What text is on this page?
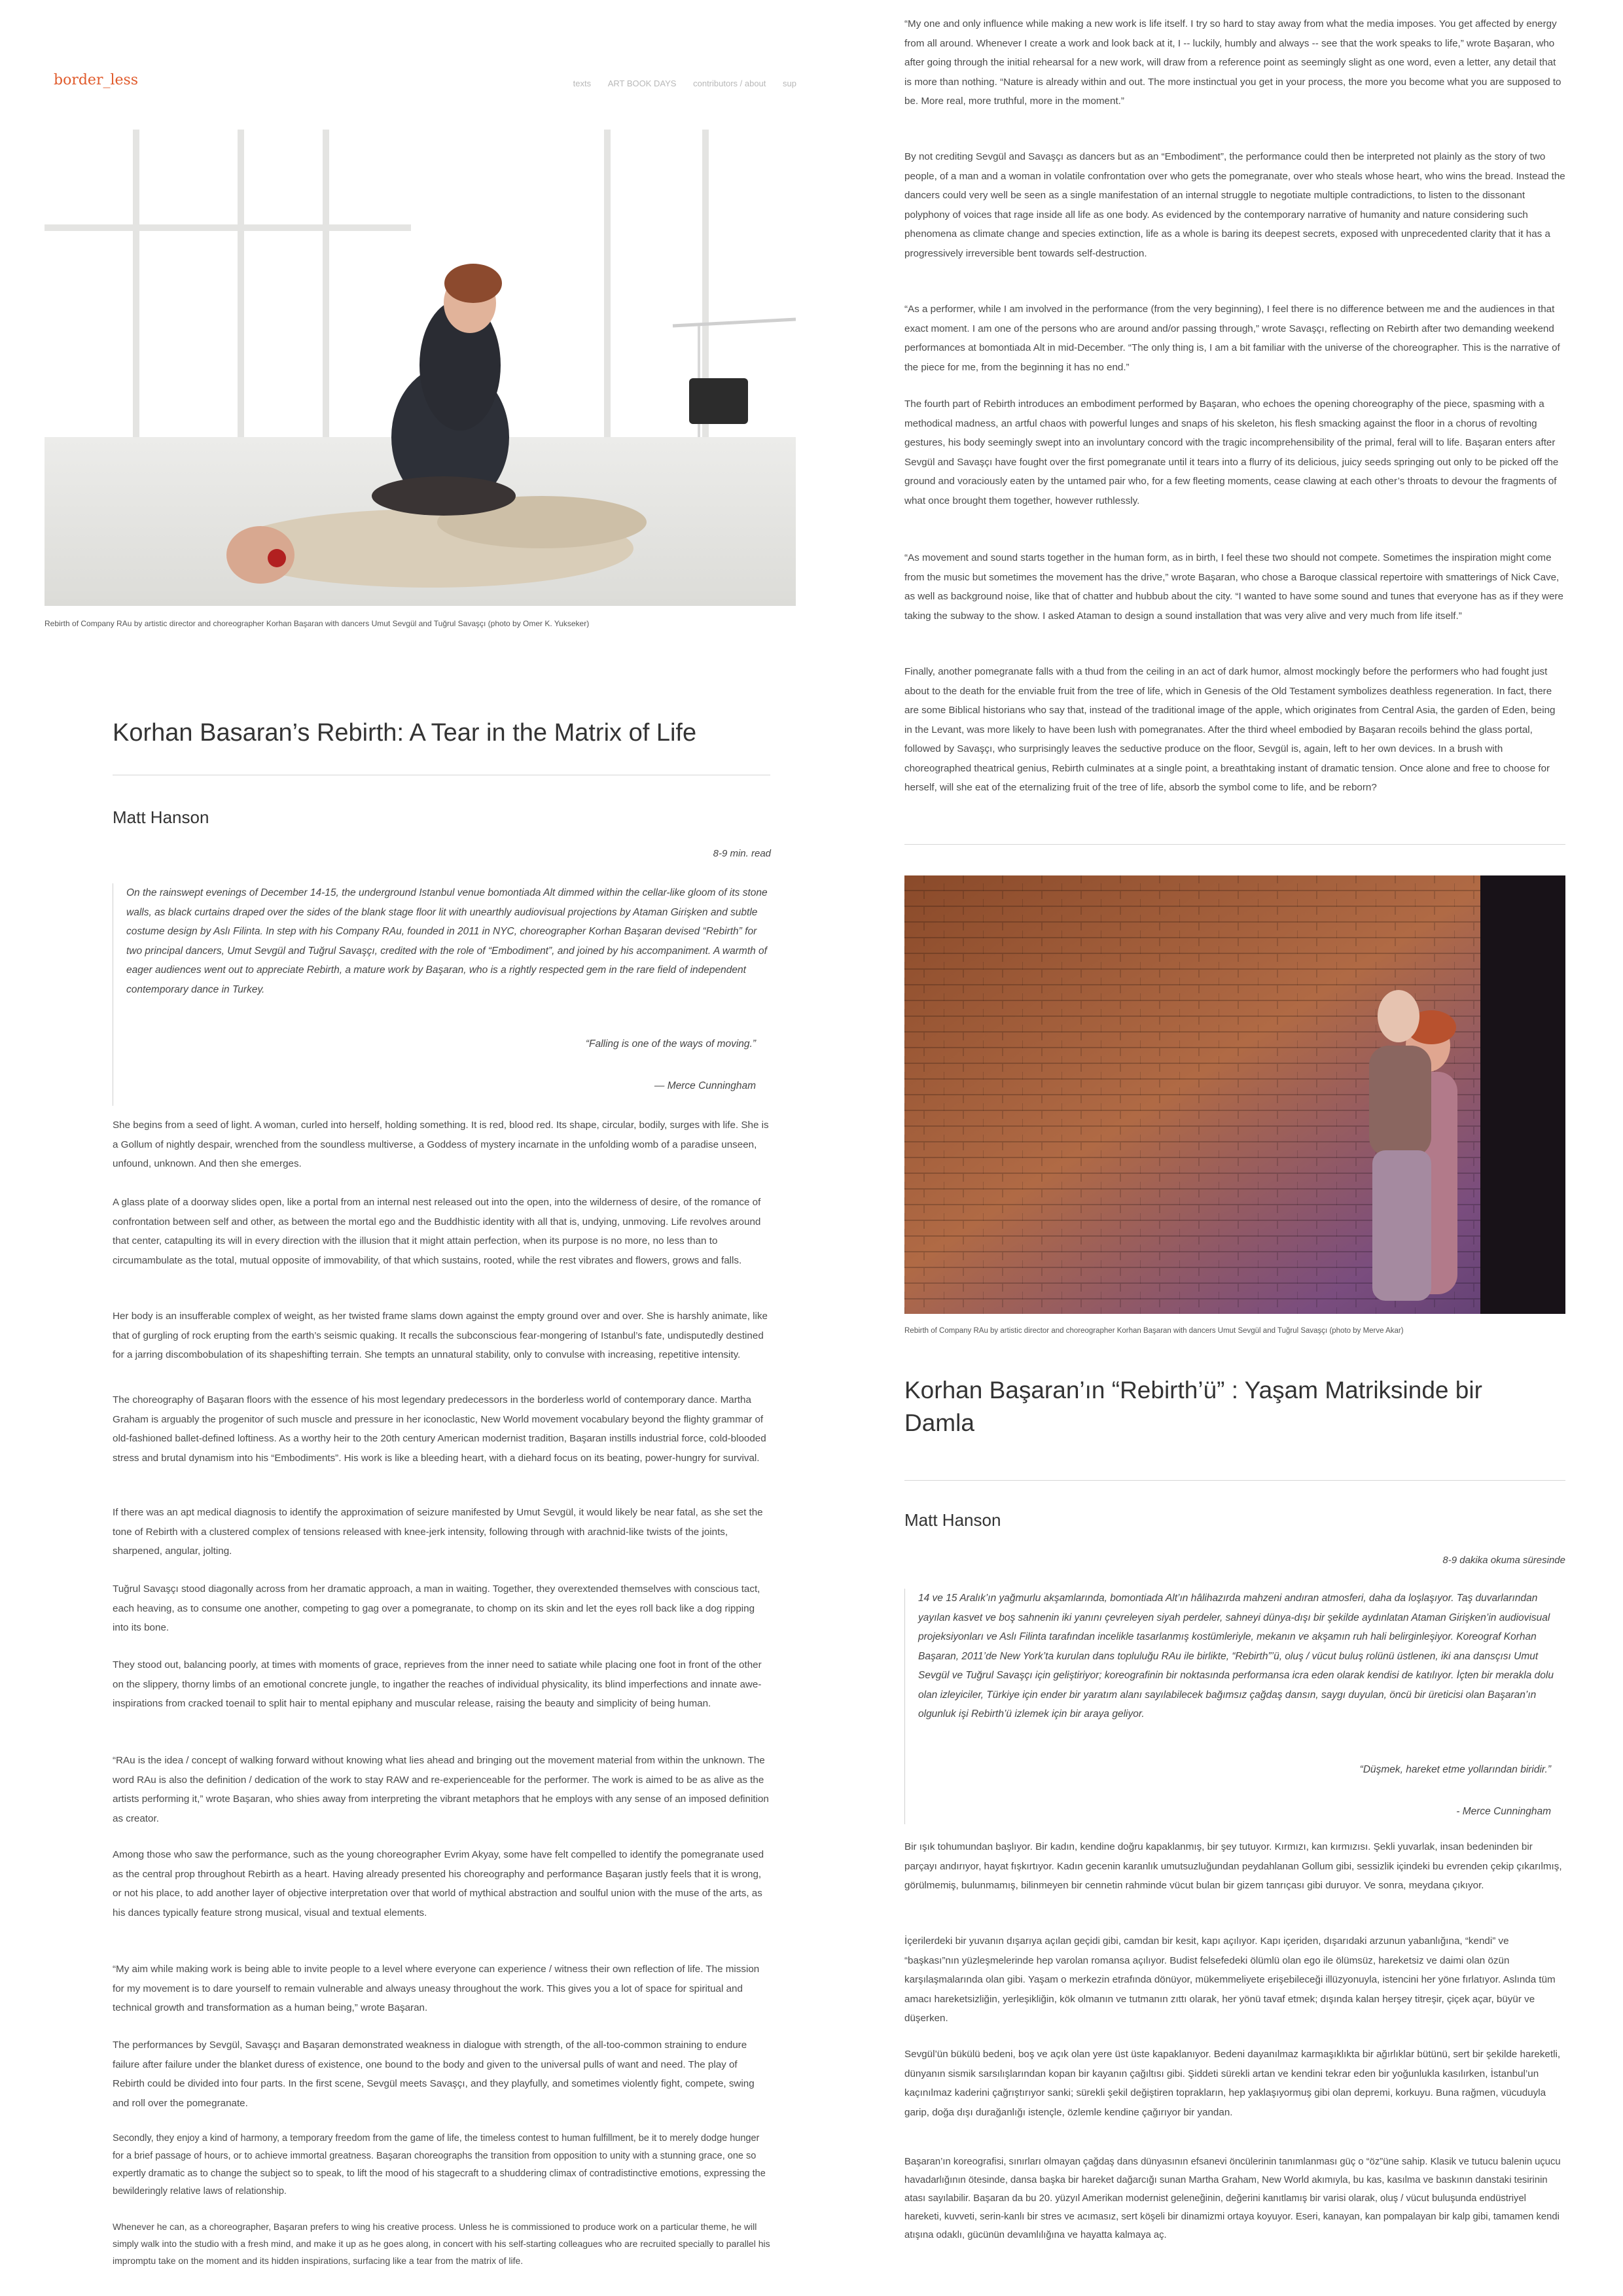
border_less	texts ART BOOK DAYS contributors / about sup
Rebirth of Company RAu by artistic director and choreographer Korhan Başaran with dancers Umut Sevgül and Tuğrul Savaşçı (photo by Omer K. Yukseker)
Korhan Basaran’s Rebirth: A Tear in the Matrix of Life
Matt Hanson
8-9 min. read
On the rainswept evenings of December 14-15, the underground Istanbul venue bomontiada Alt dimmed within the cellar-like gloom of its stone walls, as black curtains draped over the sides of the blank stage floor lit with unearthly audiovisual projections by Ataman Girişken and subtle costume design by Aslı Filinta. In step with his Company RAu, founded in 2011 in NYC, choreographer Korhan Başaran devised “Rebirth” for two principal dancers, Umut Sevgül and Tuğrul Savaşçı, credited with the role of “Embodiment”, and joined by his accompaniment. A warmth of eager audiences went out to appreciate Rebirth, a mature work by Başaran, who is a rightly respected gem in the rare field of independent contemporary dance in Turkey.
“Falling is one of the ways of moving.”
— Merce Cunningham

She begins from a seed of light. A woman, curled into herself, holding something. It is red, blood red. Its shape, circular, bodily, surges with life. She is a Gollum of nightly despair, wrenched from the soundless multiverse, a Goddess of mystery incarnate in the unfolding womb of a paradise unseen, unfound, unknown. And then she emerges.

A glass plate of a doorway slides open, like a portal from an internal nest released out into the open, into the wilderness of desire, of the romance of confrontation between self and other, as between the mortal ego and the Buddhistic identity with all that is, undying, unmoving. Life revolves around that center, catapulting its will in every direction with the illusion that it might attain perfection, when its purpose is no more, no less than to circumambulate as the total, mutual opposite of immovability, of that which sustains, rooted, while the rest vibrates and flowers, grows and falls.

Her body is an insufferable complex of weight, as her twisted frame slams down against the empty ground over and over. She is harshly animate, like that of gurgling of rock erupting from the earth’s seismic quaking. It recalls the subconscious fear-mongering of Istanbul’s fate, undisputedly destined for a jarring discombobulation of its shapeshifting terrain. She tempts an unnatural stability, only to convulse with increasing, repetitive intensity.

The choreography of Başaran floors with the essence of his most legendary predecessors in the borderless world of contemporary dance. Martha Graham is arguably the progenitor of such muscle and pressure in her iconoclastic, New World movement vocabulary beyond the flighty grammar of old-fashioned ballet-defined loftiness. As a worthy heir to the 20th century American modernist tradition, Başaran instills industrial force, cold-blooded stress and brutal dynamism into his “Embodiments”. His work is like a bleeding heart, with a diehard focus on its beating, power-hungry for survival.

If there was an apt medical diagnosis to identify the approximation of seizure manifested by Umut Sevgül, it would likely be near fatal, as she set the tone of Rebirth with a clustered complex of tensions released with knee-jerk intensity, following through with arachnid-like twists of the joints, sharpened, angular, jolting.

Tuğrul Savaşçı stood diagonally across from her dramatic approach, a man in waiting. Together, they overextended themselves with conscious tact, each heaving, as to consume one another, competing to gag over a pomegranate, to chomp on its skin and let the eyes roll back like a dog ripping into its bone.

They stood out, balancing poorly, at times with moments of grace, reprieves from the inner need to satiate while placing one foot in front of the other on the slippery, thorny limbs of an emotional concrete jungle, to ingather the reaches of individual physicality, its blind imperfections and innate awe-inspirations from cracked toenail to split hair to mental epiphany and muscular release, raising the beauty and simplicity of being human.

“RAu is the idea / concept of walking forward without knowing what lies ahead and bringing out the movement material from within the unknown. The word RAu is also the definition / dedication of the work to stay RAW and re-experienceable for the performer. The work is aimed to be as alive as the artists performing it,” wrote Başaran, who shies away from interpreting the vibrant metaphors that he employs with any sense of an imposed definition as creator.

Among those who saw the performance, such as the young choreographer Evrim Akyay, some have felt compelled to identify the pomegranate used as the central prop throughout Rebirth as a heart. Having already presented his choreography and performance Başaran justly feels that it is wrong, or not his place, to add another layer of objective interpretation over that world of mythical abstraction and soulful union with the muse of the arts, as his dances typically feature strong musical, visual and textual elements.

“My aim while making work is being able to invite people to a level where everyone can experience / witness their own reflection of life. The mission for my movement is to dare yourself to remain vulnerable and always uneasy throughout the work. This gives you a lot of space for spiritual and technical growth and transformation as a human being,” wrote Başaran.

The performances by Sevgül, Savaşçı and Başaran demonstrated weakness in dialogue with strength, of the all-too-common straining to endure failure after failure under the blanket duress of existence, one bound to the body and given to the universal pulls of want and need. The play of Rebirth could be divided into four parts. In the first scene, Sevgül meets Savaşçı, and they playfully, and sometimes violently fight, compete, swing and roll over the pomegranate.

Secondly, they enjoy a kind of harmony, a temporary freedom from the game of life, the timeless contest to human fulfillment, be it to merely dodge hunger for a brief passage of hours, or to achieve immortal greatness. Başaran choreographs the transition from opposition to unity with a stunning grace, one so expertly dramatic as to change the subject so to speak, to lift the mood of his stagecraft to a shuddering climax of contradistinctive emotions, expressing the bewilderingly relative laws of relationship.

Whenever he can, as a choreographer, Başaran prefers to wing his creative process. Unless he is commissioned to produce work on a particular theme, he will simply walk into the studio with a fresh mind, and make it up as he goes along, in concert with his self-starting colleagues who are recruited specially to parallel his impromptu take on the moment and its hidden inspirations, surfacing like a tear from the matrix of life.

“My one and only influence while making a new work is life itself. I try so hard to stay away from what the media imposes. You get affected by energy from all around. Whenever I create a work and look back at it, I -- luckily, humbly and always -- see that the work speaks to life,” wrote Başaran, who after going through the initial rehearsal for a new work, will draw from a reference point as seemingly slight as one word, even a letter, any detail that is more than nothing. “Nature is already within and out. The more instinctual you get in your process, the more you become what you are supposed to be. More real, more truthful, more in the moment.”

By not crediting Sevgül and Savaşçı as dancers but as an “Embodiment”, the performance could then be interpreted not plainly as the story of two people, of a man and a woman in volatile confrontation over who gets the pomegranate, over who steals whose heart, who wins the bread. Instead the dancers could very well be seen as a single manifestation of an internal struggle to negotiate multiple contradictions, to listen to the dissonant polyphony of voices that rage inside all life as one body. As evidenced by the contemporary narrative of humanity and nature considering such phenomena as climate change and species extinction, life as a whole is baring its deepest secrets, exposed with unprecedented clarity that it has a progressively irreversible bent towards self-destruction.

“As a performer, while I am involved in the performance (from the very beginning), I feel there is no difference between me and the audiences in that exact moment. I am one of the persons who are around and/or passing through,” wrote Savaşçı, reflecting on Rebirth after two demanding weekend performances at bomontiada Alt in mid-December. “The only thing is, I am a bit familiar with the universe of the choreographer. This is the narrative of the piece for me, from the beginning it has no end.”

The fourth part of Rebirth introduces an embodiment performed by Başaran, who echoes the opening choreography of the piece, spasming with a methodical madness, an artful chaos with powerful lunges and snaps of his skeleton, his flesh smacking against the floor in a chorus of revolting gestures, his body seemingly swept into an involuntary concord with the tragic incomprehensibility of the primal, feral will to life. Başaran enters after Sevgül and Savaşçı have fought over the first pomegranate until it tears into a flurry of its delicious, juicy seeds springing out only to be picked off the ground and voraciously eaten by the untamed pair who, for a few fleeting moments, cease clawing at each other’s throats to devour the fragments of what once brought them together, however ruthlessly.

“As movement and sound starts together in the human form, as in birth, I feel these two should not compete. Sometimes the inspiration might come from the music but sometimes the movement has the drive,” wrote Başaran, who chose a Baroque classical repertoire with smatterings of Nick Cave, as well as background noise, like that of chatter and hubbub about the city. “I wanted to have some sound and tunes that everyone has as if they were taking the subway to the show. I asked Ataman to design a sound installation that was very alive and very much from life itself.”

Finally, another pomegranate falls with a thud from the ceiling in an act of dark humor, almost mockingly before the performers who had fought just about to the death for the enviable fruit from the tree of life, which in Genesis of the Old Testament symbolizes deathless regeneration. In fact, there are some Biblical historians who say that, instead of the traditional image of the apple, which originates from Central Asia, the garden of Eden, being in the Levant, was more likely to have been lush with pomegranates. After the third wheel embodied by Başaran recoils behind the glass portal, followed by Savaşçı, who surprisingly leaves the seductive produce on the floor, Sevgül is, again, left to her own devices. In a brush with choreographed theatrical genius, Rebirth culminates at a single point, a breathtaking instant of dramatic tension. Once alone and free to choose for herself, will she eat of the eternalizing fruit of the tree of life, absorb the symbol come to life, and be reborn?

Rebirth of Company RAu by artistic director and choreographer Korhan Başaran with dancers Umut Sevgül and Tuğrul Savaşçı (photo by Merve Akar)
Korhan Başaran’ın “Rebirth’ü” : Yaşam Matriksinde bir Damla
Matt Hanson
8-9 dakika okuma süresinde
14 ve 15 Aralık’ın yağmurlu akşamlarında, bomontiada Alt’ın hâlihazırda mahzeni andıran atmosferi, daha da loşlaşıyor. Taş duvarlarından yayılan kasvet ve boş sahnenin iki yanını çevreleyen siyah perdeler, sahneyi dünya-dışı bir şekilde aydınlatan Ataman Girişken’in audiovisual projeksiyonları ve Aslı Filinta tarafından incelikle tasarlanmış kostümleriyle, mekanın ve akşamın ruh hali belirginleşiyor. Koreograf Korhan Başaran, 2011’de New York’ta kurulan dans topluluğu RAu ile birlikte, “Rebirth”’ü, oluş / vücut buluş rolünü üstlenen, iki ana dansçısı Umut Sevgül ve Tuğrul Savaşçı için geliştiriyor; koreografinin bir noktasında performansa icra eden olarak kendisi de katılıyor. İçten bir merakla dolu olan izleyiciler, Türkiye için ender bir yaratım alanı sayılabilecek bağımsız çağdaş dansın, saygı duyulan, öncü bir üreticisi olan Başaran’ın olgunluk işi Rebirth’ü izlemek için bir araya geliyor.
“Düşmek, hareket etme yollarından biridir.”
- Merce Cunningham

Bir ışık tohumundan başlıyor. Bir kadın, kendine doğru kapaklanmış, bir şey tutuyor. Kırmızı, kan kırmızısı. Şekli yuvarlak, insan bedeninden bir parçayı andırıyor, hayat fışkırtıyor. Kadın gecenin karanlık umutsuzluğundan peydahlanan Gollum gibi, sessizlik içindeki bu evrenden çekip çıkarılmış, görülmemiş, bulunmamış, bilinmeyen bir cennetin rahminde vücut bulan bir gizem tanrıçası gibi duruyor. Ve sonra, meydana çıkıyor.

İçerilerdeki bir yuvanın dışarıya açılan geçidi gibi, camdan bir kesit, kapı açılıyor. Kapı içeriden, dışarıdaki arzunun yabanlığına, “kendi” ve “başkası”nın yüzleşmelerinde hep varolan romansa açılıyor. Budist felsefedeki ölümlü olan ego ile ölümsüz, hareketsiz ve daimi olan özün karşılaşmalarında olan gibi. Yaşam o merkezin etrafında dönüyor, mükemmeliyete erişebileceği illüzyonuyla, istencini her yöne fırlatıyor. Aslında tüm amacı hareketsizliğin, yerleşikliğin, kök olmanın ve tutmanın zıttı olarak, her yönü tavaf etmek; dışında kalan herşey titreşir, çiçek açar, büyür ve düşerken.

Sevgül’ün bükülü bedeni, boş ve açık olan yere üst üste kapaklanıyor. Bedeni dayanılmaz karmaşıklıkta bir ağırlıklar bütünü, sert bir şekilde hareketli, dünyanın sismik sarsılışlarından kopan bir kayanın çağıltısı gibi. Şiddeti sürekli artan ve kendini tekrar eden bir yoğunlukla kasılırken, İstanbul’un kaçınılmaz kaderini çağrıştırıyor sanki; sürekli şekil değiştiren toprakların, hep yaklaşıyormuş gibi olan depremi, korkuyu. Buna rağmen, vücuduyla garip, doğa dışı durağanlığı istençle, özlemle kendine çağırıyor bir yandan.

Başaran’ın koreografisi, sınırları olmayan çağdaş dans dünyasının efsanevi öncülerinin tanımlanması güç o “öz”üne sahip. Klasik ve tutucu balenin uçucu havadarlığının ötesinde, dansa başka bir hareket dağarcığı sunan Martha Graham, New World akımıyla, bu kas, kasılma ve baskının danstaki tesirinin atası sayılabilir. Başaran da bu 20. yüzyıl Amerikan modernist geleneğinin, değerini kanıtlamış bir varisi olarak, oluş / vücut buluşunda endüstriyel hareketi, kuvveti, serin-kanlı bir stres ve acımasız, sert köşeli bir dinamizmi ortaya koyuyor. Eseri, kanayan, kan pompalayan bir kalp gibi, tamamen kendi atışına odaklı, gücünün devamlılığına ve hayatta kalmaya aç.
